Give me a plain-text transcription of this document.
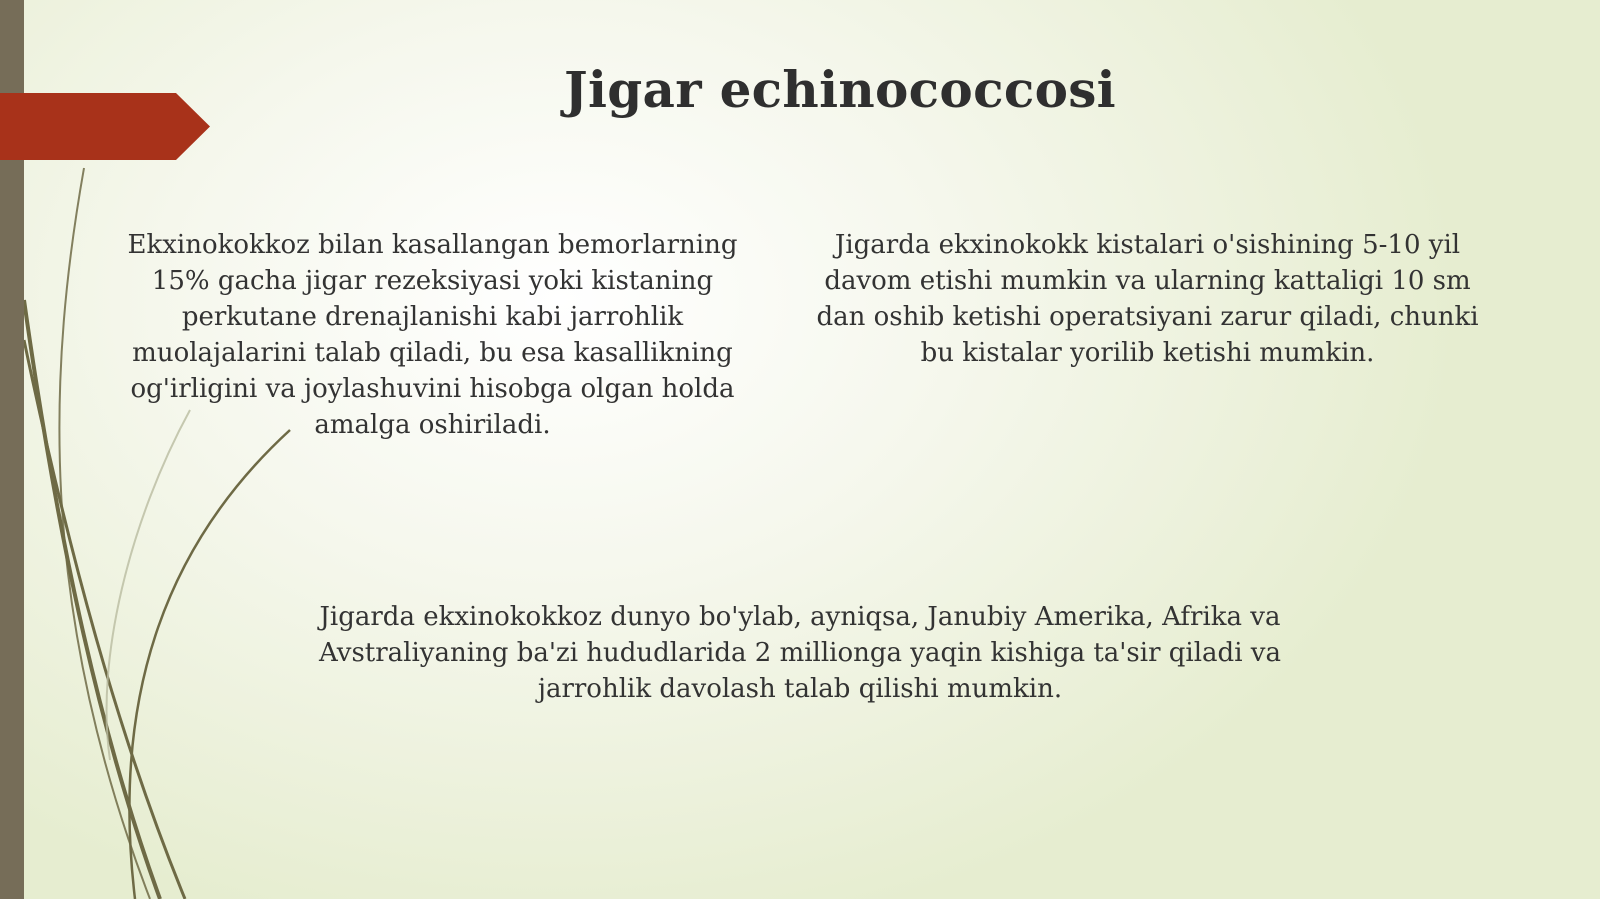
Jigar echinococcosi

Ekxinokokkoz bilan kasallangan bemorlarning 15% gacha jigar rezeksiyasi yoki kistaning perkutane drenajlanishi kabi jarrohlik muolajalarini talab qiladi, bu esa kasallikning og'irligini va joylashuvini hisobga olgan holda amalga oshiriladi.

Jigarda ekxinokokk kistalari o'sishining 5-10 yil davom etishi mumkin va ularning kattaligi 10 sm dan oshib ketishi operatsiyani zarur qiladi, chunki bu kistalar yorilib ketishi mumkin.

Jigarda ekxinokokkoz dunyo bo'ylab, ayniqsa, Janubiy Amerika, Afrika va Avstraliyaning ba'zi hududlarida 2 millionga yaqin kishiga ta'sir qiladi va jarrohlik davolash talab qilishi mumkin.
